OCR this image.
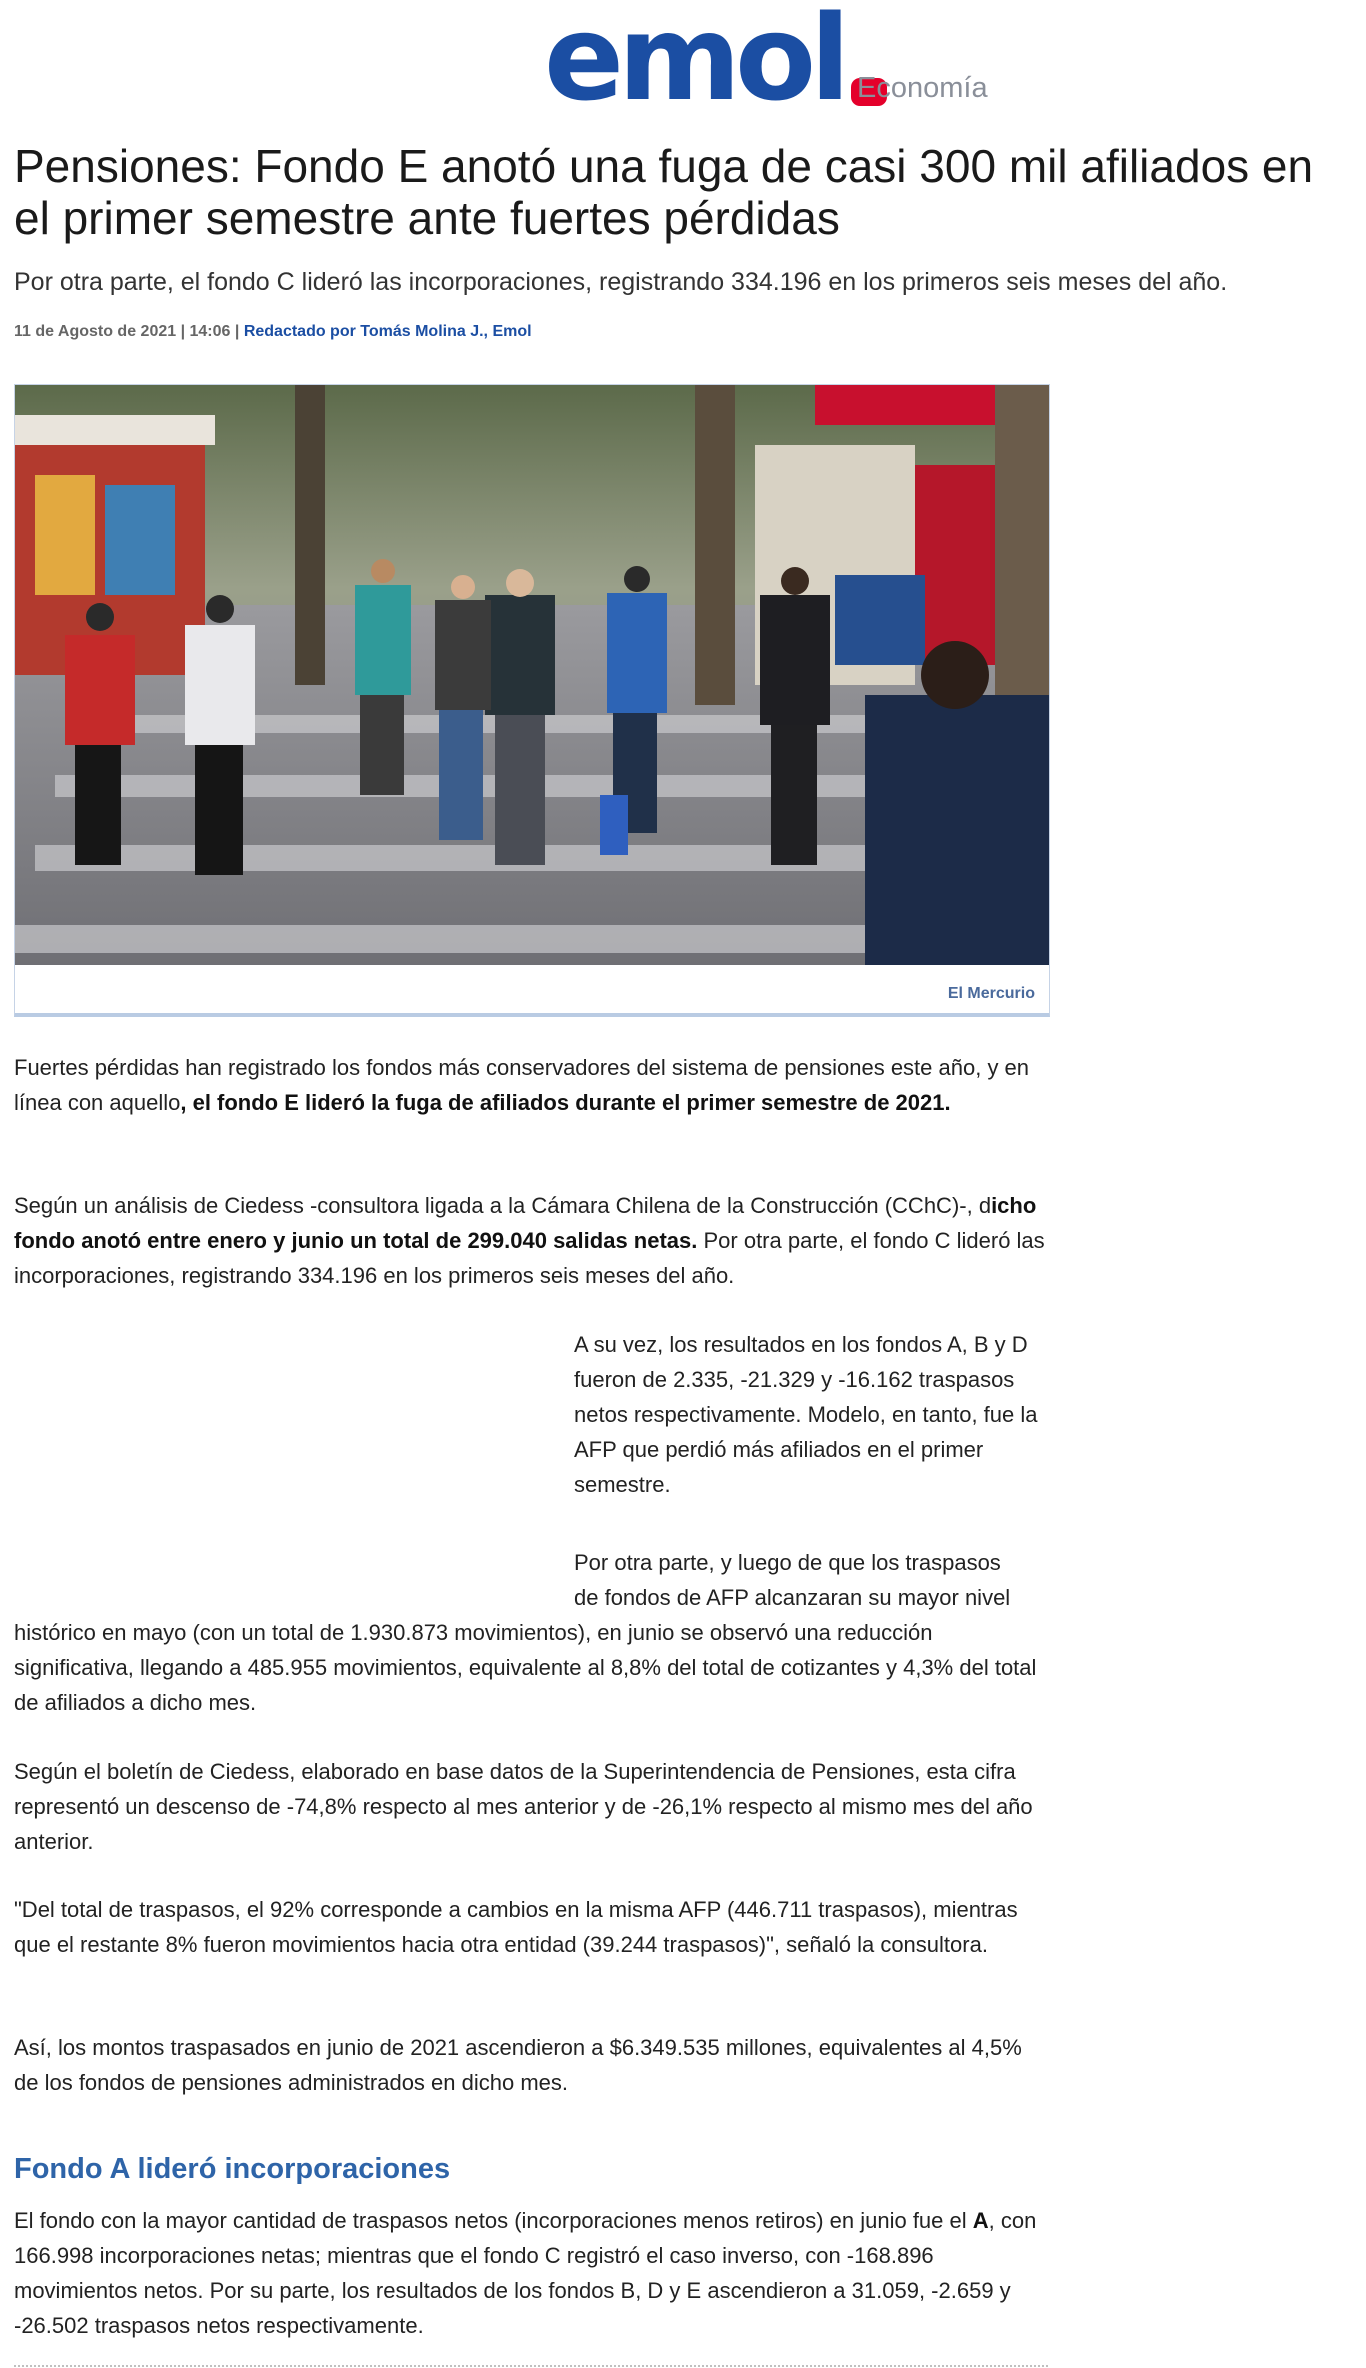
emol Economía
Pensiones: Fondo E anotó una fuga de casi 300 mil afiliados en el primer semestre ante fuertes pérdidas

Por otra parte, el fondo C lideró las incorporaciones, registrando 334.196 en los primeros seis meses del año.

11 de Agosto de 2021 | 14:06 | Redactado por Tomás Molina J., Emol
El Mercurio

Fuertes pérdidas han registrado los fondos más conservadores del sistema de pensiones este año, y en línea con aquello, el fondo E lideró la fuga de afiliados durante el primer semestre de 2021.

Según un análisis de Ciedess -consultora ligada a la Cámara Chilena de la Construcción (CChC)-, dicho fondo anotó entre enero y junio un total de 299.040 salidas netas. Por otra parte, el fondo C lideró las incorporaciones, registrando 334.196 en los primeros seis meses del año.

A su vez, los resultados en los fondos A, B y D fueron de 2.335, -21.329 y -16.162 traspasos netos respectivamente. Modelo, en tanto, fue la AFP que perdió más afiliados en el primer semestre.

Por otra parte, y luego de que los traspasos

de fondos de AFP alcanzaran su mayor nivel

histórico en mayo (con un total de 1.930.873 movimientos), en junio se observó una reducción significativa, llegando a 485.955 movimientos, equivalente al 8,8% del total de cotizantes y 4,3% del total de afiliados a dicho mes.

Según el boletín de Ciedess, elaborado en base datos de la Superintendencia de Pensiones, esta cifra representó un descenso de -74,8% respecto al mes anterior y de -26,1% respecto al mismo mes del año anterior.

"Del total de traspasos, el 92% corresponde a cambios en la misma AFP (446.711 traspasos), mientras que el restante 8% fueron movimientos hacia otra entidad (39.244 traspasos)", señaló la consultora.

Así, los montos traspasados en junio de 2021 ascendieron a $6.349.535 millones, equivalentes al 4,5% de los fondos de pensiones administrados en dicho mes.

Fondo A lideró incorporaciones

El fondo con la mayor cantidad de traspasos netos (incorporaciones menos retiros) en junio fue el A, con 166.998 incorporaciones netas; mientras que el fondo C registró el caso inverso, con -168.896 movimientos netos. Por su parte, los resultados de los fondos B, D y E ascendieron a 31.059, -2.659 y -26.502 traspasos netos respectivamente.
